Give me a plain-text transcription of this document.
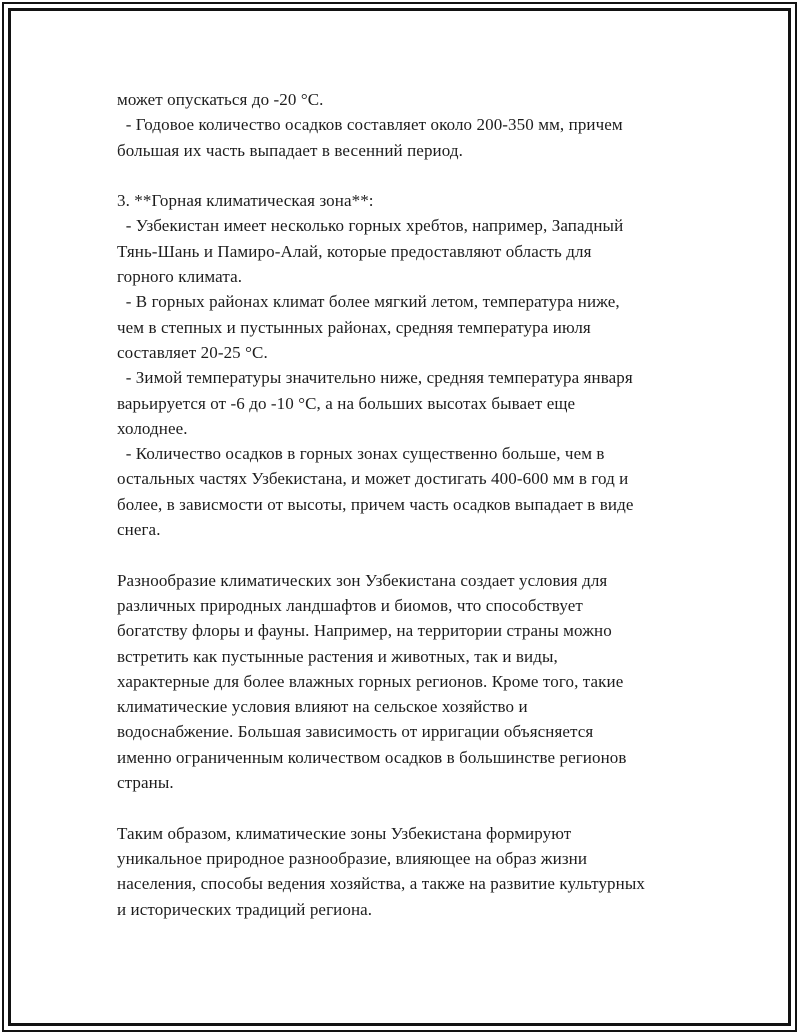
может опускаться до -20 °C.
- Годовое количество осадков составляет около 200-350 мм, причем
большая их часть выпадает в весенний период.
3. **Горная климатическая зона**:
- Узбекистан имеет несколько горных хребтов, например, Западный
Тянь-Шань и Памиро-Алай, которые предоставляют область для
горного климата.
- В горных районах климат более мягкий летом, температура ниже,
чем в степных и пустынных районах, средняя температура июля
составляет 20-25 °C.
- Зимой температуры значительно ниже, средняя температура января
варьируется от -6 до -10 °C, а на больших высотах бывает еще
холоднее.
- Количество осадков в горных зонах существенно больше, чем в
остальных частях Узбекистана, и может достигать 400-600 мм в год и
более, в зависмости от высоты, причем часть осадков выпадает в виде
снега.
Разнообразие климатических зон Узбекистана создает условия для
различных природных ландшафтов и биомов, что способствует
богатству флоры и фауны. Например, на территории страны можно
встретить как пустынные растения и животных, так и виды,
характерные для более влажных горных регионов. Кроме того, такие
климатические условия влияют на сельское хозяйство и
водоснабжение. Большая зависимость от ирригации объясняется
именно ограниченным количеством осадков в большинстве регионов
страны.
Таким образом, климатические зоны Узбекистана формируют
уникальное природное разнообразие, влияющее на образ жизни
населения, способы ведения хозяйства, а также на развитие культурных
и исторических традиций региона.
